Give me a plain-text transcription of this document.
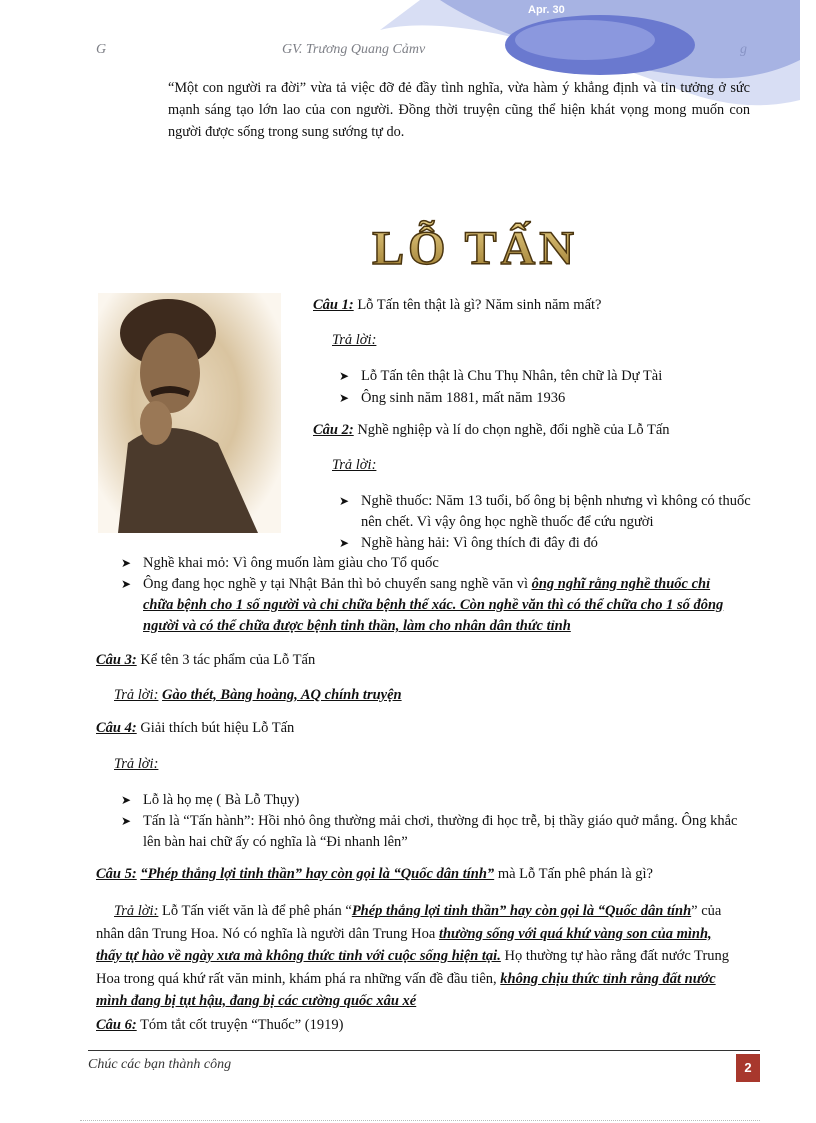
G	GV. Trương Quang Cảmv
Apr. 30
“Một con người ra đời” vừa tả việc đỡ đẻ đầy tình nghĩa, vừa hàm ý khẳng định và tin tưởng ở sức mạnh sáng tạo lớn lao của con người. Đồng thời truyện cũng thể hiện khát vọng mong muốn con người được sống trong sung sướng tự do.
LỖ TẤN
Câu 1: Lỗ Tấn tên thật là gì? Năm sinh năm mất?
Trả lời:
➤ Lỗ Tấn tên thật là Chu Thụ Nhân, tên chữ là Dự Tài
➤ Ông sinh năm 1881, mất năm 1936
Câu 2: Nghề nghiệp và lí do chọn nghề, đổi nghề của Lỗ Tấn
Trả lời:
➤ Nghề thuốc: Năm 13 tuổi, bố ông bị bệnh nhưng vì không có thuốc
nên chết. Vì vậy ông học nghề thuốc để cứu người
➤ Nghề hàng hải: Vì ông thích đi đây đi đó
➤ Nghề khai mỏ: Vì ông muốn làm giàu cho Tổ quốc
➤ Ông đang học nghề y tại Nhật Bản thì bỏ chuyển sang nghề văn vì ông nghĩ rằng nghề thuốc chỉ
chữa bệnh cho 1 số người và chỉ chữa bệnh thể xác. Còn nghề văn thì có thể chữa cho 1 số đông
người và có thể chữa được bệnh tinh thần, làm cho nhân dân thức tỉnh
Câu 3: Kể tên 3 tác phẩm của Lỗ Tấn
Trả lời: Gào thét, Bàng hoàng, AQ chính truyện
Câu 4: Giải thích bút hiệu Lỗ Tấn
Trả lời:
➤ Lỗ là họ mẹ ( Bà Lỗ Thụy)
➤ Tấn là “Tấn hành”: Hồi nhỏ ông thường mải chơi, thường đi học trễ, bị thầy giáo quở mắng. Ông khắc
lên bàn hai chữ ấy có nghĩa là “Đi nhanh lên”
Câu 5: “Phép thắng lợi tinh thần” hay còn gọi là “Quốc dân tính” mà Lỗ Tấn phê phán là gì?
Trả lời: Lỗ Tấn viết văn là để phê phán “Phép thắng lợi tinh thần” hay còn gọi là “Quốc dân tính” của
nhân dân Trung Hoa. Nó có nghĩa là người dân Trung Hoa thường sống với quá khứ vàng son của mình,
thấy tự hào về ngày xưa mà không thức tỉnh với cuộc sống hiện tại. Họ thường tự hào rằng đất nước Trung
Hoa trong quá khứ rất văn minh, khám phá ra những vấn đề đầu tiên, không chịu thức tỉnh rằng đất nước
mình đang bị tụt hậu, đang bị các cường quốc xâu xé
Câu 6: Tóm tắt cốt truyện “Thuốc” (1919)
Chúc các bạn thành công	2
